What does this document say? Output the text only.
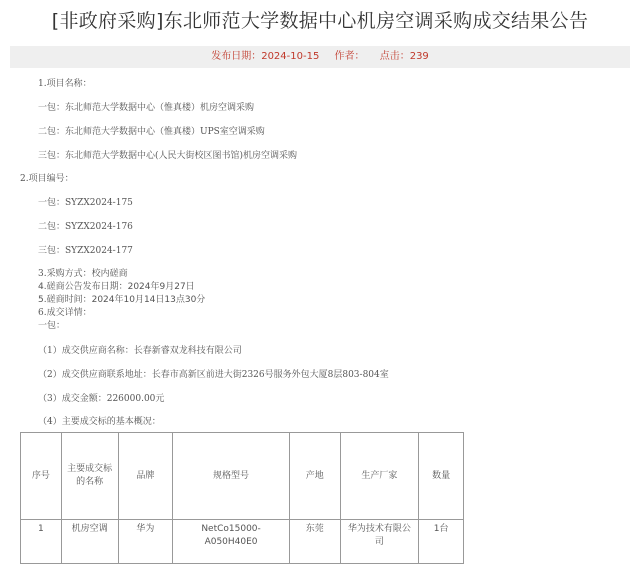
[非政府采购]东北师范大学数据中心机房空调采购成交结果公告
发布日期：2024-10-15 作者： 点击：239
1.项目名称：
一包：东北师范大学数据中心（惟真楼）机房空调采购
二包：东北师范大学数据中心（惟真楼）UPS室空调采购
三包：东北师范大学数据中心(人民大街校区图书馆)机房空调采购
2.项目编号：
一包：SYZX2024-175
二包：SYZX2024-176
三包：SYZX2024-177
3.采购方式：校内磋商
4.磋商公告发布日期：2024年9月27日
5.磋商时间：2024年10月14日13点30分
6.成交详情：
一包：
（1）成交供应商名称：长春新睿双龙科技有限公司
（2）成交供应商联系地址：长春市高新区前进大街2326号服务外包大厦8层803-804室
（3）成交金额：226000.00元
（4）主要成交标的基本概况：
序号	主要成交标的名称	品牌	规格型号	产地	生产厂家	数量
1	机房空调	华为	NetCo15000-A050H40E0	东莞	华为技术有限公司	1台
